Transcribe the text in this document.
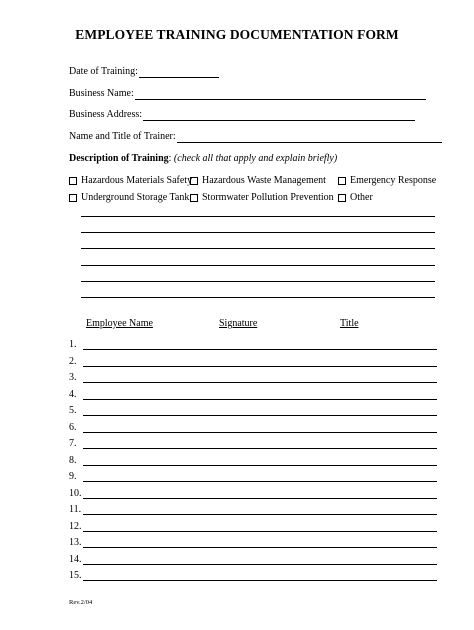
EMPLOYEE TRAINING DOCUMENTATION FORM
Date of Training:
Business Name:
Business Address:
Name and Title of Trainer:
Description of Training: (check all that apply and explain briefly)
Hazardous Materials Safety Hazardous Waste Management Emergency Response
Underground Storage Tank Stormwater Pollution Prevention Other
Employee Name	Signature	Title
1.
2.
3.
4.
5.
6.
7.
8.
9.
10.
11.
12.
13.
14.
15.
Rev.2/04
